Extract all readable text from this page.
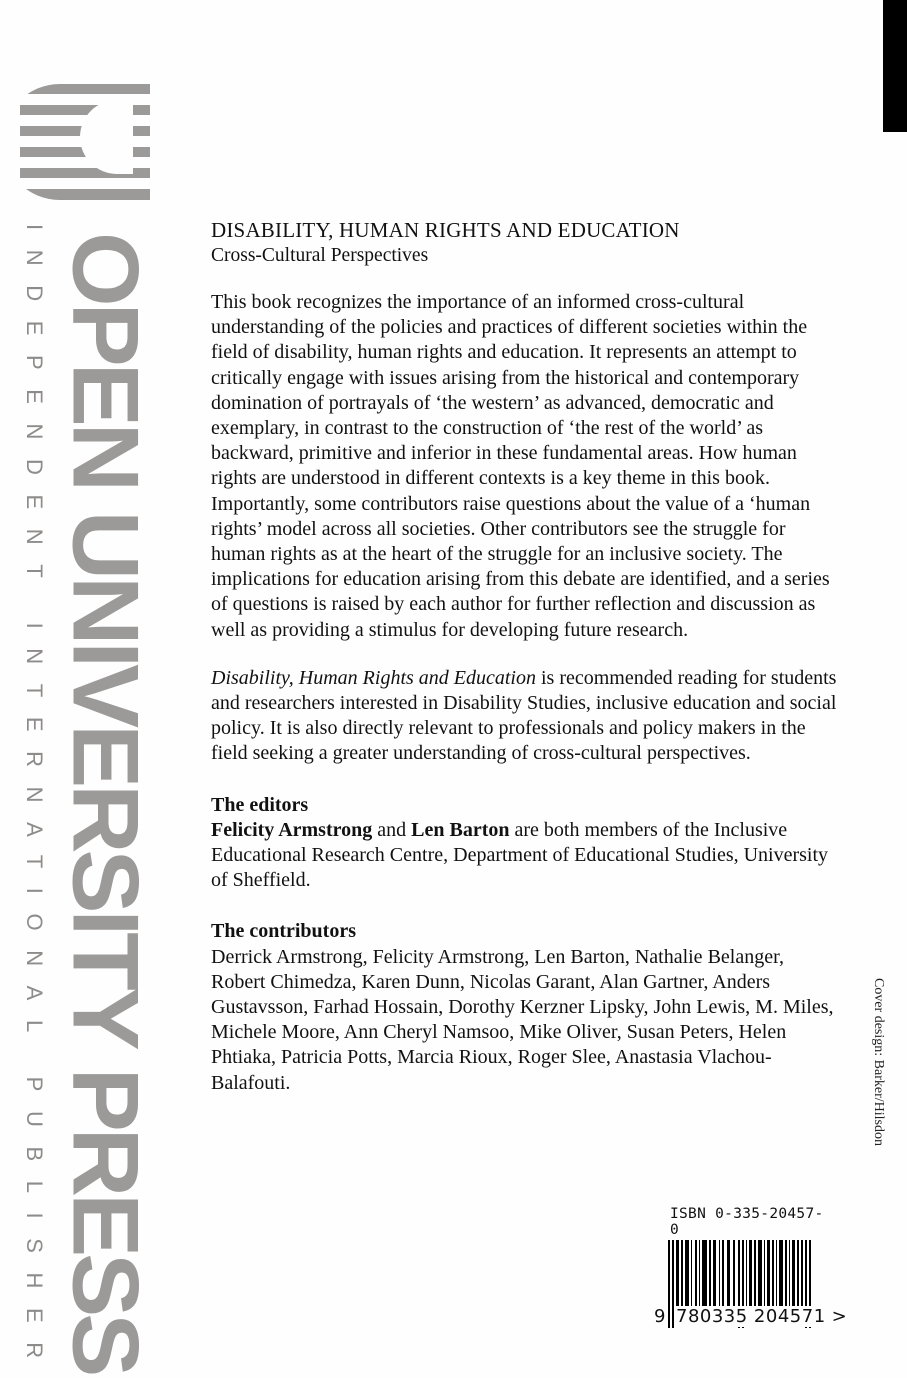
OPEN UNIVERSITY PRESS
INDEPENDENT INTERNATIONAL PUBLISHER	DISABILITY, HUMAN RIGHTS AND EDUCATION
Cross-Cultural Perspectives

This book recognizes the importance of an informed cross-cultural understanding of the policies and practices of different societies within the field of disability, human rights and education. It represents an attempt to critically engage with issues arising from the historical and contemporary domination of portrayals of ‘the western’ as advanced, democratic and exemplary, in contrast to the construction of ‘the rest of the world’ as backward, primitive and inferior in these fundamental areas. How human rights are understood in different contexts is a key theme in this book. Importantly, some contributors raise questions about the value of a ‘human rights’ model across all societies. Other contributors see the struggle for human rights as at the heart of the struggle for an inclusive society. The implications for education arising from this debate are identified, and a series of questions is raised by each author for further reflection and discussion as well as providing a stimulus for developing future research.

Disability, Human Rights and Education is recommended reading for students and researchers interested in Disability Studies, inclusive education and social policy. It is also directly relevant to professionals and policy makers in the field seeking a greater understanding of cross-cultural perspectives.

The editors

Felicity Armstrong and Len Barton are both members of the Inclusive Educational Research Centre, Department of Educational Studies, University of Sheffield.

The contributors

Derrick Armstrong, Felicity Armstrong, Len Barton, Nathalie Belanger, Robert Chimedza, Karen Dunn, Nicolas Garant, Alan Gartner, Anders Gustavsson, Farhad Hossain, Dorothy Kerzner Lipsky, John Lewis, M. Miles, Michele Moore, Ann Cheryl Namsoo, Mike Oliver, Susan Peters, Helen Phtiaka, Patricia Potts, Marcia Rioux, Roger Slee, Anastasia Vlachou-Balafouti.	Cover design: Barker/Hilsdon
ISBN 0-335-20457-0
9 780335 204571 >
